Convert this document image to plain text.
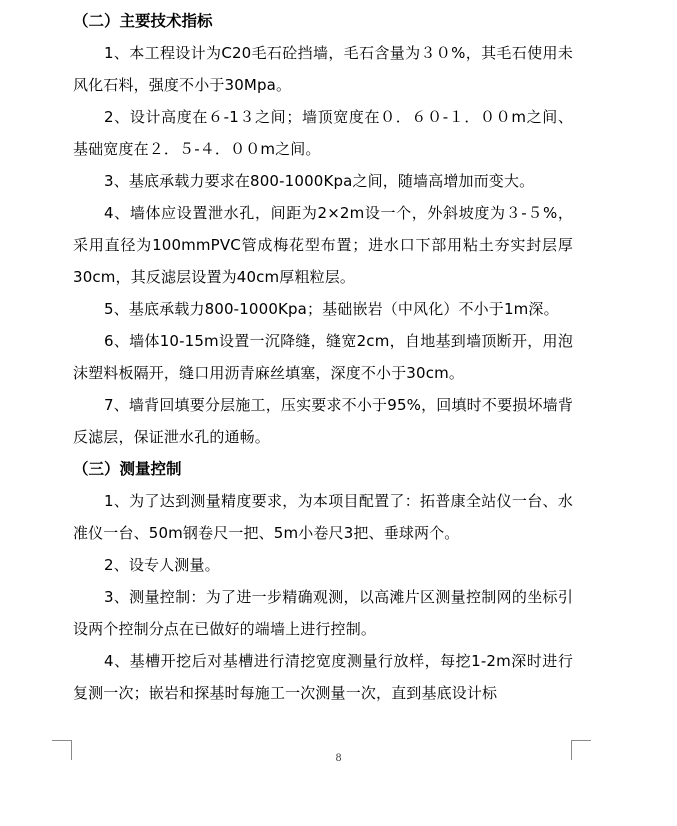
（二）主要技术指标

1、本工程设计为C20毛石砼挡墙，毛石含量为３０%，其毛石使用未风化石料，强度不小于30Mpa。

2、设计高度在６-1３之间；墙顶宽度在０．６０-１．００m之间、基础宽度在２．５-４．００m之间。

3、基底承载力要求在800-1000Kpa之间，随墙高增加而变大。

4、墙体应设置泄水孔，间距为2×2m设一个，外斜坡度为３-５%，采用直径为100mmPVC管成梅花型布置；进水口下部用粘土夯实封层厚30cm，其反滤层设置为40cm厚粗粒层。

5、基底承载力800-1000Kpa；基础嵌岩（中风化）不小于1m深。

6、墙体10-15m设置一沉降缝，缝宽2cm，自地基到墙顶断开，用泡沫塑料板隔开，缝口用沥青麻丝填塞，深度不小于30cm。

7、墙背回填要分层施工，压实要求不小于95%，回填时不要损坏墙背反滤层，保证泄水孔的通畅。

（三）测量控制

1、为了达到测量精度要求，为本项目配置了：拓普康全站仪一台、水准仪一台、50m钢卷尺一把、5m小卷尺3把、垂球两个。

2、设专人测量。

3、测量控制：为了进一步精确观测，以高滩片区测量控制网的坐标引设两个控制分点在已做好的端墙上进行控制。

4、基槽开挖后对基槽进行清挖宽度测量行放样，每挖1-2m深时进行复测一次；嵌岩和探基时每施工一次测量一次，直到基底设计标

8
